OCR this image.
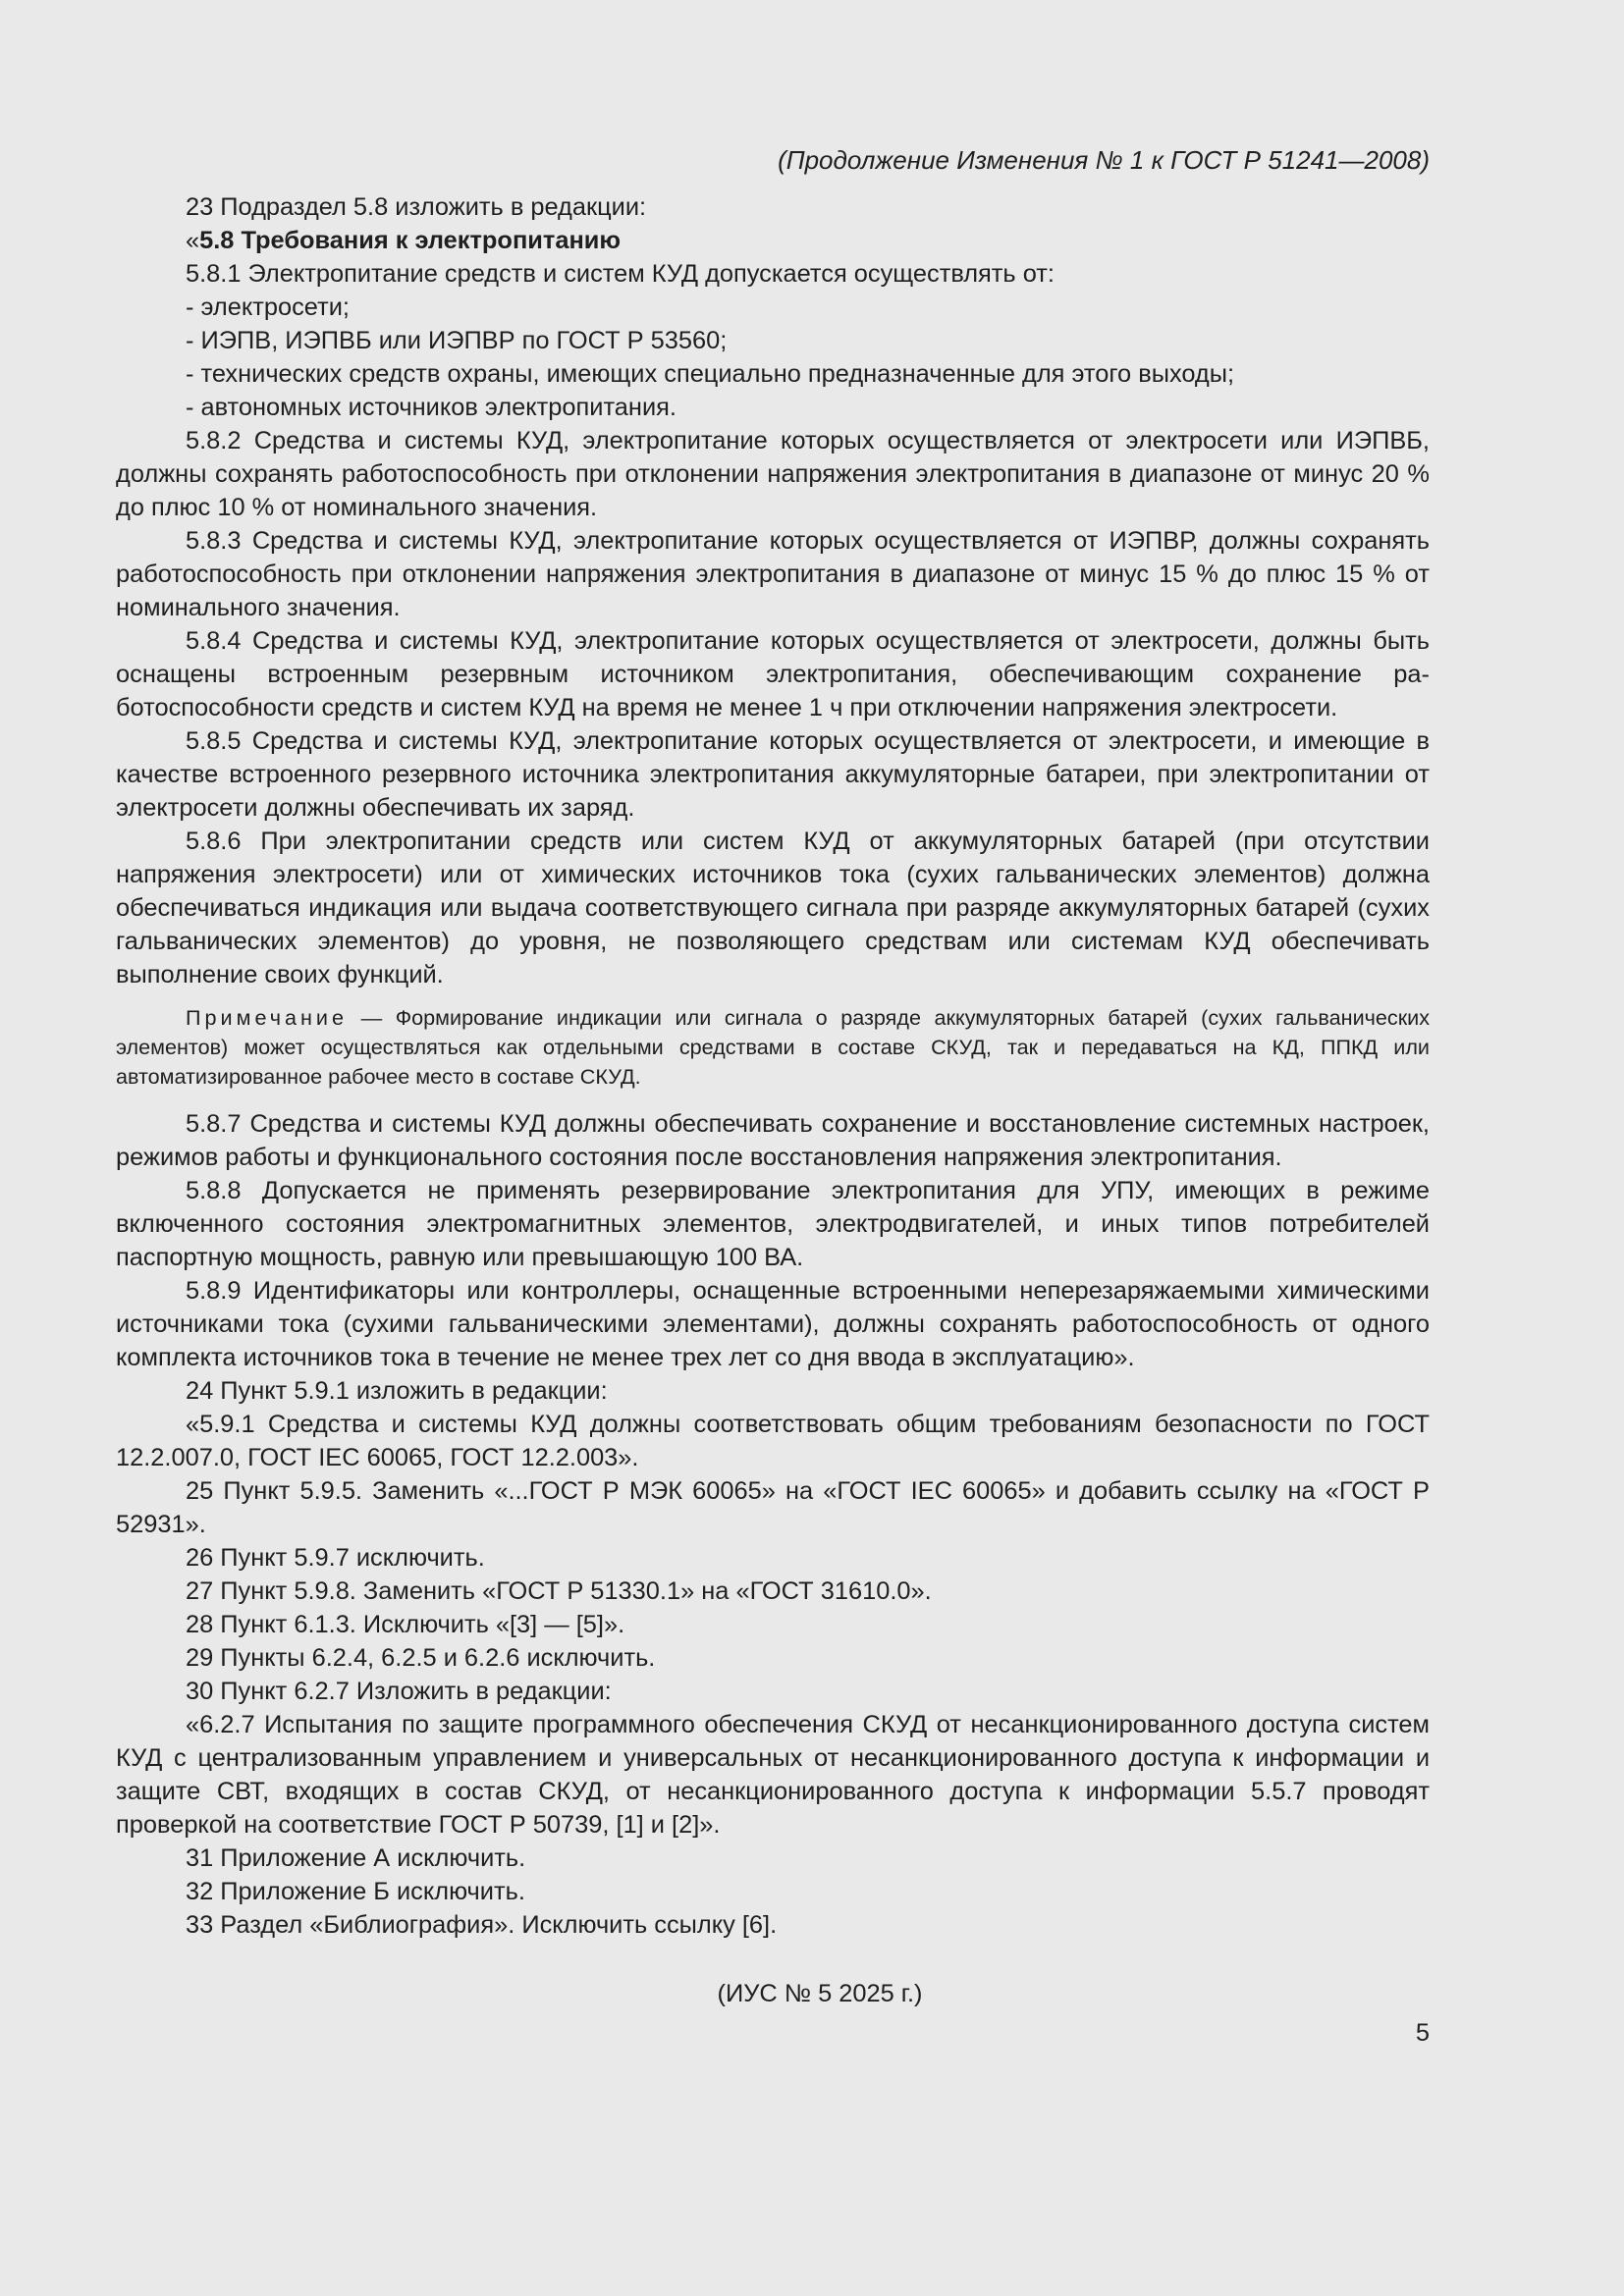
(Продолжение Изменения № 1 к ГОСТ Р 51241—2008)

23 Подраздел 5.8 изложить в редакции:

«5.8 Требования к электропитанию

5.8.1 Электропитание средств и систем КУД допускается осуществлять от:

- электросети;

- ИЭПВ, ИЭПВБ или ИЭПВР по ГОСТ Р 53560;

- технических средств охраны, имеющих специально предназначенные для этого выходы;

- автономных источников электропитания.

5.8.2 Средства и системы КУД, электропитание которых осуществляется от электросети или ИЭПВБ, должны сохранять работоспособность при отклонении напряжения электропитания в диапазоне от минус 20 % до плюс 10 % от номинального значения.

5.8.3 Средства и системы КУД, электропитание которых осуществляется от ИЭПВР, должны сохранять работоспособность при отклонении напряжения электропитания в диапазоне от минус 15 % до плюс 15 % от номинального значения.

5.8.4 Средства и системы КУД, электропитание которых осуществляется от электросети, должны быть оснащены встроенным резервным источником электропитания, обеспечивающим сохранение работоспособности средств и систем КУД на время не менее 1 ч при отключении напряжения электросети.

5.8.5 Средства и системы КУД, электропитание которых осуществляется от электросети, и имеющие в качестве встроенного резервного источника электропитания аккумуляторные батареи, при электропитании от электросети должны обеспечивать их заряд.

5.8.6 При электропитании средств или систем КУД от аккумуляторных батарей (при отсутствии напряжения электросети) или от химических источников тока (сухих гальванических элементов) должна обеспечиваться индикация или выдача соответствующего сигнала при разряде аккумуляторных батарей (сухих гальванических элементов) до уровня, не позволяющего средствам или системам КУД обеспечивать выполнение своих функций.

Примечание — Формирование индикации или сигнала о разряде аккумуляторных батарей (сухих гальванических элементов) может осуществляться как отдельными средствами в составе СКУД, так и передаваться на КД, ППКД или автоматизированное рабочее место в составе СКУД.

5.8.7 Средства и системы КУД должны обеспечивать сохранение и восстановление системных настроек, режимов работы и функционального состояния после восстановления напряжения электропитания.

5.8.8 Допускается не применять резервирование электропитания для УПУ, имеющих в режиме включенного состояния электромагнитных элементов, электродвигателей, и иных типов потребителей паспортную мощность, равную или превышающую 100 ВА.

5.8.9 Идентификаторы или контроллеры, оснащенные встроенными неперезаряжаемыми химическими источниками тока (сухими гальваническими элементами), должны сохранять работоспособность от одного комплекта источников тока в течение не менее трех лет со дня ввода в эксплуатацию».

24 Пункт 5.9.1 изложить в редакции:

«5.9.1 Средства и системы КУД должны соответствовать общим требованиям безопасности по ГОСТ 12.2.007.0, ГОСТ IEC 60065, ГОСТ 12.2.003».

25 Пункт 5.9.5. Заменить «...ГОСТ Р МЭК 60065» на «ГОСТ IEC 60065» и добавить ссылку на «ГОСТ Р 52931».

26 Пункт 5.9.7 исключить.

27 Пункт 5.9.8. Заменить «ГОСТ Р 51330.1» на «ГОСТ 31610.0».

28 Пункт 6.1.3. Исключить «[3] — [5]».

29 Пункты 6.2.4, 6.2.5 и 6.2.6 исключить.

30 Пункт 6.2.7 Изложить в редакции:

«6.2.7 Испытания по защите программного обеспечения СКУД от несанкционированного доступа систем КУД с централизованным управлением и универсальных от несанкционированного доступа к информации и защите СВТ, входящих в состав СКУД, от несанкционированного доступа к информации 5.5.7 проводят проверкой на соответствие ГОСТ Р 50739, [1] и [2]».

31 Приложение А исключить.

32 Приложение Б исключить.

33 Раздел «Библиография». Исключить ссылку [6].

(ИУС № 5 2025 г.)

5
